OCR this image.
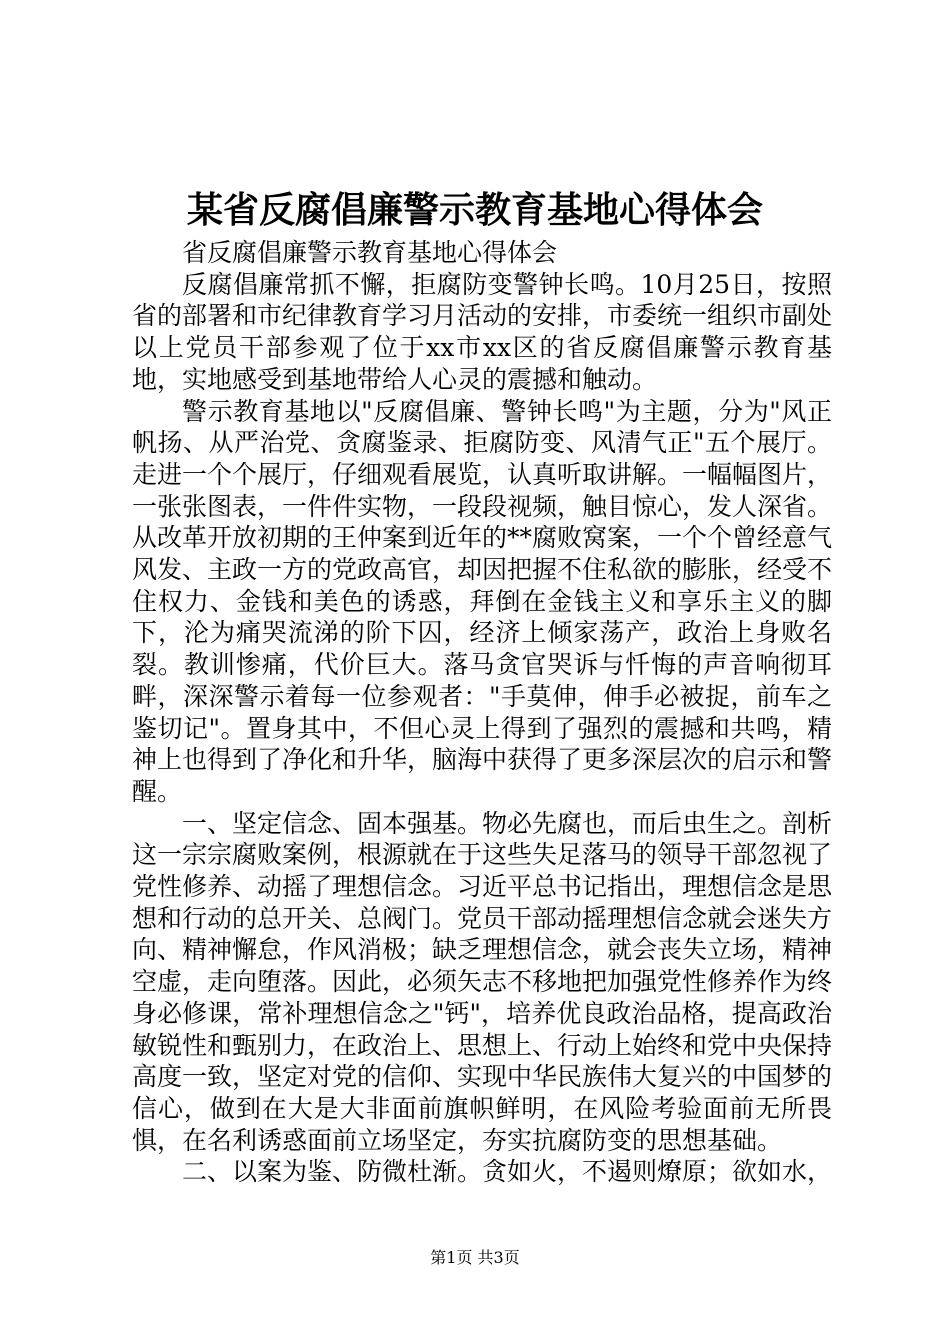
某省反腐倡廉警示教育基地心得体会

省反腐倡廉警示教育基地心得体会

反腐倡廉常抓不懈，拒腐防变警钟长鸣。10月25日，按照省的部署和市纪律教育学习月活动的安排，市委统一组织市副处以上党员干部参观了位于xx市xx区的省反腐倡廉警示教育基地，实地感受到基地带给人心灵的震撼和触动。

警示教育基地以"反腐倡廉、警钟长鸣"为主题，分为"风正帆扬、从严治党、贪腐鉴录、拒腐防变、风清气正"五个展厅。走进一个个展厅，仔细观看展览，认真听取讲解。一幅幅图片，一张张图表，一件件实物，一段段视频，触目惊心，发人深省。从改革开放初期的王仲案到近年的**腐败窝案，一个个曾经意气风发、主政一方的党政高官，却因把握不住私欲的膨胀，经受不住权力、金钱和美色的诱惑，拜倒在金钱主义和享乐主义的脚下，沦为痛哭流涕的阶下囚，经济上倾家荡产，政治上身败名裂。教训惨痛，代价巨大。落马贪官哭诉与忏悔的声音响彻耳畔，深深警示着每一位参观者："手莫伸，伸手必被捉，前车之鉴切记"。置身其中，不但心灵上得到了强烈的震撼和共鸣，精神上也得到了净化和升华，脑海中获得了更多深层次的启示和警醒。

一、坚定信念、固本强基。物必先腐也，而后虫生之。剖析这一宗宗腐败案例，根源就在于这些失足落马的领导干部忽视了党性修养、动摇了理想信念。习近平总书记指出，理想信念是思想和行动的总开关、总阀门。党员干部动摇理想信念就会迷失方向、精神懈怠，作风消极；缺乏理想信念，就会丧失立场，精神空虚，走向堕落。因此，必须矢志不移地把加强党性修养作为终身必修课，常补理想信念之"钙"，培养优良政治品格，提高政治敏锐性和甄别力，在政治上、思想上、行动上始终和党中央保持高度一致，坚定对党的信仰、实现中华民族伟大复兴的中国梦的信心，做到在大是大非面前旗帜鲜明，在风险考验面前无所畏惧，在名利诱惑面前立场坚定，夯实抗腐防变的思想基础。

二、以案为鉴、防微杜渐。贪如火，不遏则燎原；欲如水，

第1页 共3页
